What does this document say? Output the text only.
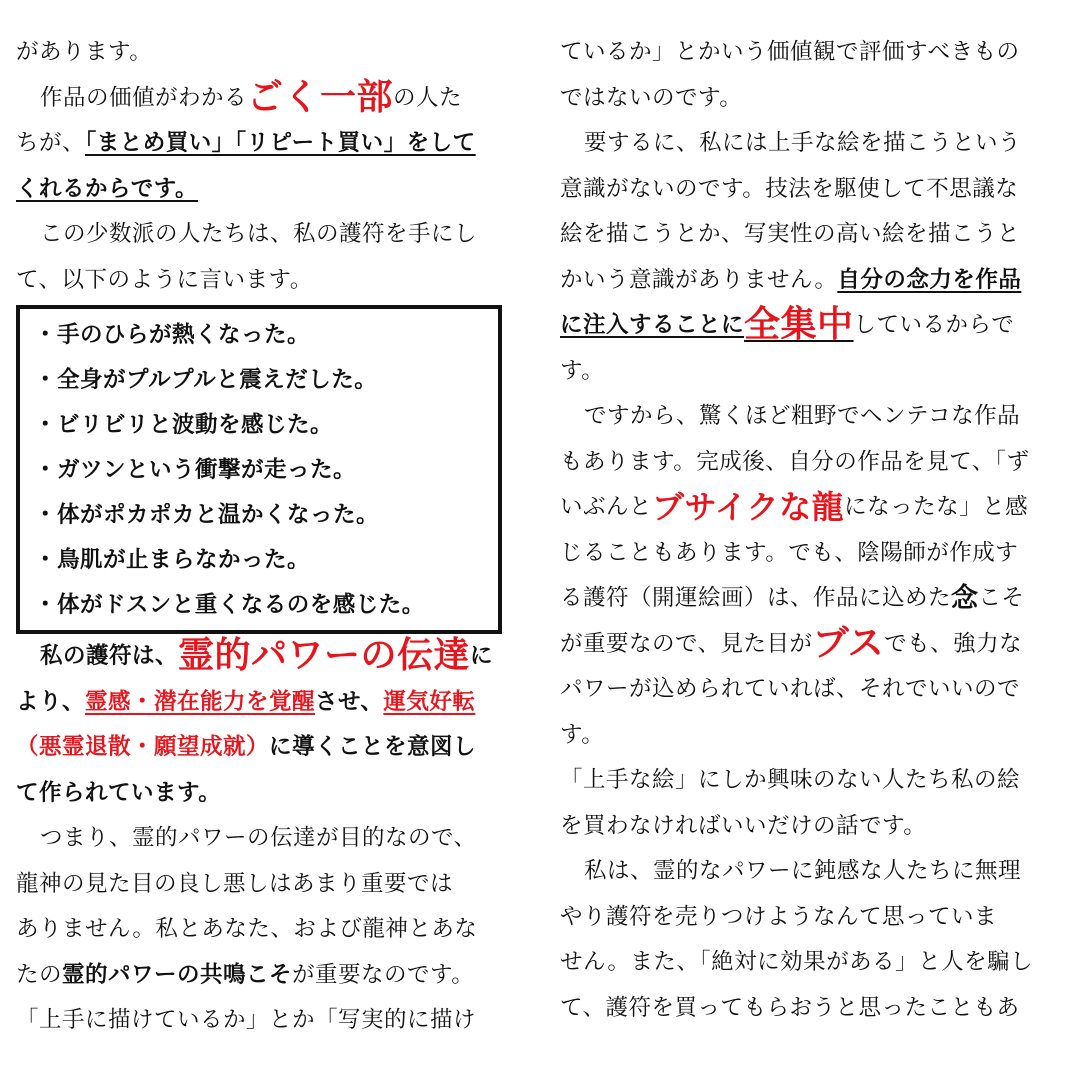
があります。
作品の価値がわかるごく一部の人た
ちが、「まとめ買い」「リピート買い」をして
くれるからです。
この少数派の人たちは、私の護符を手にし
て、以下のように言います。
・手のひらが熱くなった。
・全身がプルプルと震えだした。
・ビリビリと波動を感じた。
・ガツンという衝撃が走った。
・体がポカポカと温かくなった。
・鳥肌が止まらなかった。
・体がドスンと重くなるのを感じた。
私の護符は、霊的パワーの伝達に
より、霊感・潜在能力を覚醒させ、運気好転
（悪霊退散・願望成就）に導くことを意図し
て作られています。
つまり、霊的パワーの伝達が目的なので、
龍神の見た目の良し悪しはあまり重要では
ありません。私とあなた、および龍神とあな
たの霊的パワーの共鳴こそが重要なのです。
「上手に描けているか」とか「写実的に描け
ているか」とかいう価値観で評価すべきもの
ではないのです。
要するに、私には上手な絵を描こうという
意識がないのです。技法を駆使して不思議な
絵を描こうとか、写実性の高い絵を描こうと
かいう意識がありません。自分の念力を作品
に注入することに全集中しているからで
す。
ですから、驚くほど粗野でヘンテコな作品
もあります。完成後、自分の作品を見て、「ず
いぶんとブサイクな龍になったな」と感
じることもあります。でも、陰陽師が作成す
る護符（開運絵画）は、作品に込めた念こそ
が重要なので、見た目がブスでも、強力な
パワーが込められていれば、それでいいので
す。
「上手な絵」にしか興味のない人たち私の絵
を買わなければいいだけの話です。
私は、霊的なパワーに鈍感な人たちに無理
やり護符を売りつけようなんて思っていま
せん。また、「絶対に効果がある」と人を騙し
て、護符を買ってもらおうと思ったこともあ
